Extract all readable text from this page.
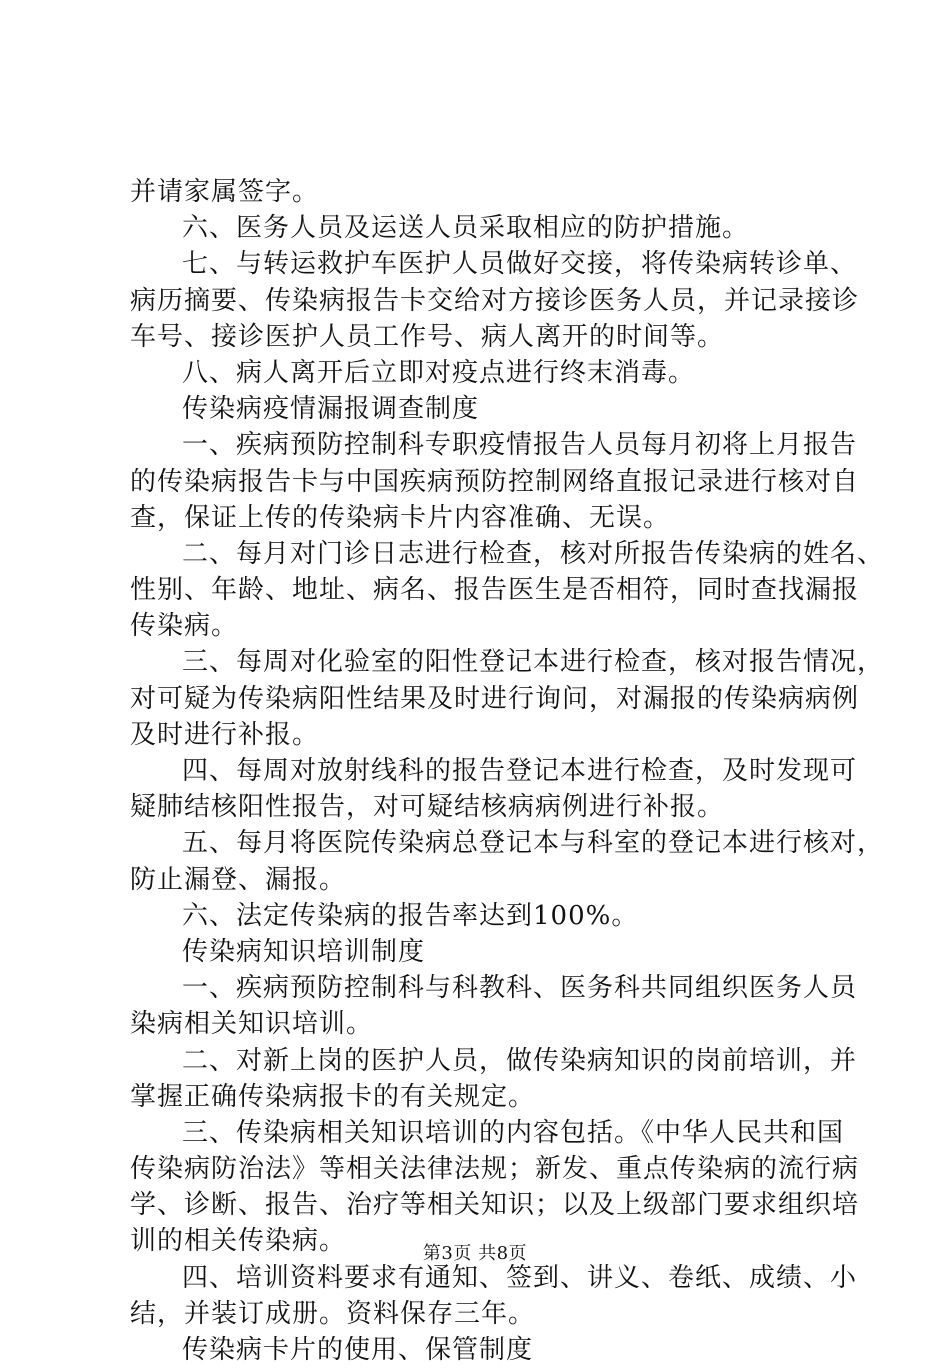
并请家属签字。
六、医务人员及运送人员采取相应的防护措施。
七、与转运救护车医护人员做好交接，将传染病转诊单、
病历摘要、传染病报告卡交给对方接诊医务人员，并记录接诊
车号、接诊医护人员工作号、病人离开的时间等。
八、病人离开后立即对疫点进行终末消毒。
传染病疫情漏报调查制度
一、疾病预防控制科专职疫情报告人员每月初将上月报告
的传染病报告卡与中国疾病预防控制网络直报记录进行核对自
查，保证上传的传染病卡片内容准确、无误。
二、每月对门诊日志进行检查，核对所报告传染病的姓名、
性别、年龄、地址、病名、报告医生是否相符，同时查找漏报
传染病。
三、每周对化验室的阳性登记本进行检查，核对报告情况，
对可疑为传染病阳性结果及时进行询问，对漏报的传染病病例
及时进行补报。
四、每周对放射线科的报告登记本进行检查，及时发现可
疑肺结核阳性报告，对可疑结核病病例进行补报。
五、每月将医院传染病总登记本与科室的登记本进行核对，
防止漏登、漏报。
六、法定传染病的报告率达到100%。
传染病知识培训制度
一、疾病预防控制科与科教科、医务科共同组织医务人员
染病相关知识培训。
二、对新上岗的医护人员，做传染病知识的岗前培训，并
掌握正确传染病报卡的有关规定。
三、传染病相关知识培训的内容包括。《中华人民共和国
传染病防治法》等相关法律法规；新发、重点传染病的流行病
学、诊断、报告、治疗等相关知识；以及上级部门要求组织培
训的相关传染病。
四、培训资料要求有通知、签到、讲义、卷纸、成绩、小
结，并装订成册。资料保存三年。
传染病卡片的使用、保管制度
第3页 共8页
